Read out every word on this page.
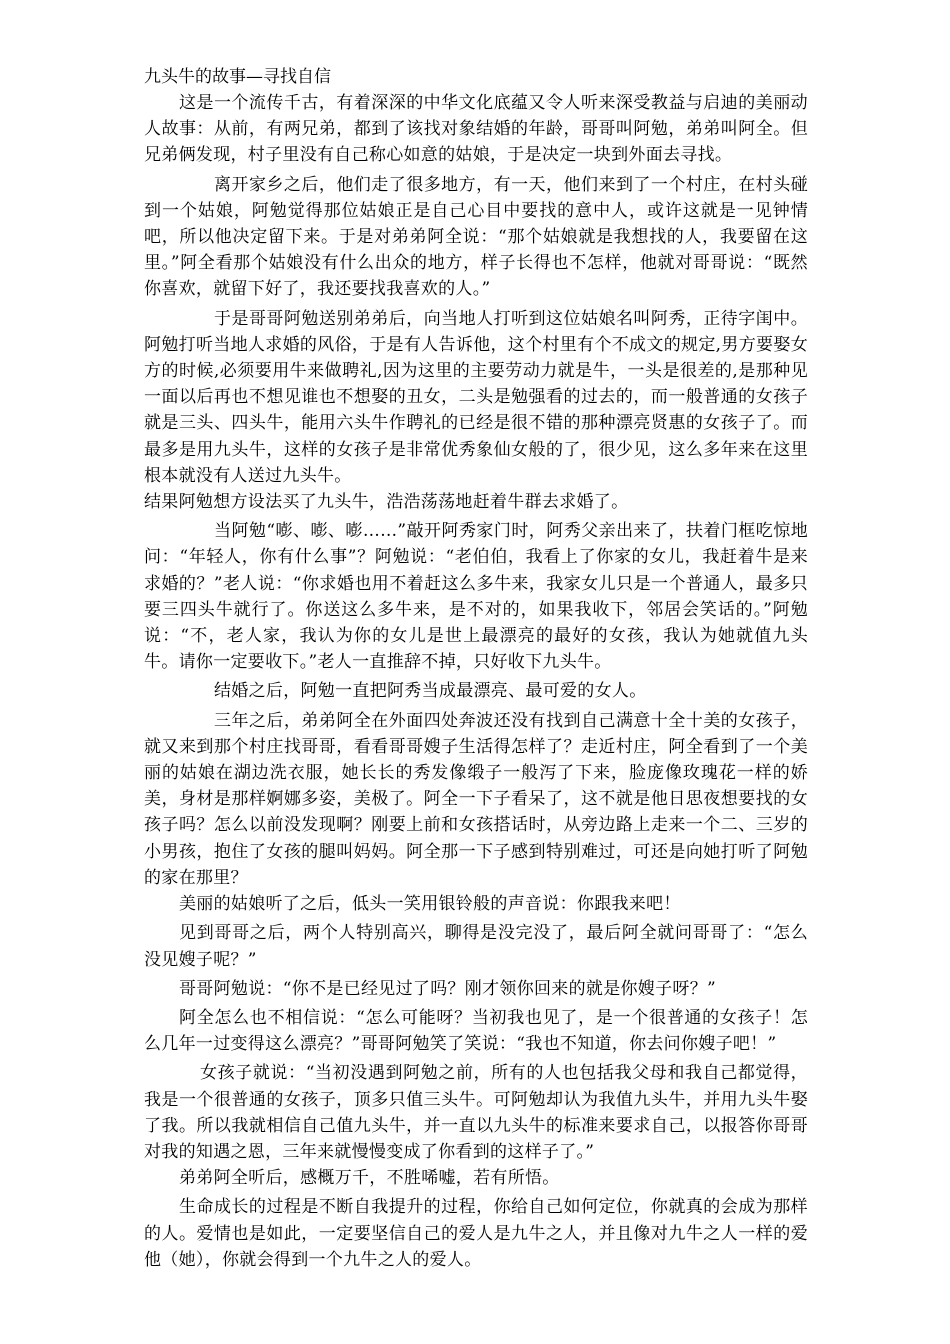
九头牛的故事—寻找自信

这是一个流传千古，有着深深的中华文化底蕴又令人听来深受教益与启迪的美丽动人故事：从前，有两兄弟，都到了该找对象结婚的年龄，哥哥叫阿勉，弟弟叫阿全。但兄弟俩发现，村子里没有自己称心如意的姑娘，于是决定一块到外面去寻找。

离开家乡之后，他们走了很多地方，有一天，他们来到了一个村庄，在村头碰到一个姑娘，阿勉觉得那位姑娘正是自己心目中要找的意中人，或许这就是一见钟情吧，所以他决定留下来。于是对弟弟阿全说：“那个姑娘就是我想找的人，我要留在这里。”阿全看那个姑娘没有什么出众的地方，样子长得也不怎样，他就对哥哥说：“既然你喜欢，就留下好了，我还要找我喜欢的人。”

于是哥哥阿勉送别弟弟后，向当地人打听到这位姑娘名叫阿秀，正待字闺中。阿勉打听当地人求婚的风俗，于是有人告诉他，这个村里有个不成文的规定,男方要娶女方的时候,必须要用牛来做聘礼,因为这里的主要劳动力就是牛，一头是很差的,是那种见一面以后再也不想见谁也不想娶的丑女，二头是勉强看的过去的，而一般普通的女孩子就是三头、四头牛，能用六头牛作聘礼的已经是很不错的那种漂亮贤惠的女孩子了。而最多是用九头牛，这样的女孩子是非常优秀象仙女般的了，很少见，这么多年来在这里根本就没有人送过九头牛。

结果阿勉想方设法买了九头牛，浩浩荡荡地赶着牛群去求婚了。

当阿勉“嘭、嘭、嘭……”敲开阿秀家门时，阿秀父亲出来了，扶着门框吃惊地问：“年轻人，你有什么事”？阿勉说：“老伯伯，我看上了你家的女儿，我赶着牛是来求婚的？”老人说：“你求婚也用不着赶这么多牛来，我家女儿只是一个普通人，最多只要三四头牛就行了。你送这么多牛来，是不对的，如果我收下，邻居会笑话的。”阿勉说：“不，老人家，我认为你的女儿是世上最漂亮的最好的女孩，我认为她就值九头牛。请你一定要收下。”老人一直推辞不掉，只好收下九头牛。

结婚之后，阿勉一直把阿秀当成最漂亮、最可爱的女人。

三年之后，弟弟阿全在外面四处奔波还没有找到自己满意十全十美的女孩子，就又来到那个村庄找哥哥，看看哥哥嫂子生活得怎样了？走近村庄，阿全看到了一个美丽的姑娘在湖边洗衣服，她长长的秀发像缎子一般泻了下来，脸庞像玫瑰花一样的娇美，身材是那样婀娜多姿，美极了。阿全一下子看呆了，这不就是他日思夜想要找的女孩子吗？怎么以前没发现啊？刚要上前和女孩搭话时，从旁边路上走来一个二、三岁的小男孩，抱住了女孩的腿叫妈妈。阿全那一下子感到特别难过，可还是向她打听了阿勉的家在那里？

美丽的姑娘听了之后，低头一笑用银铃般的声音说：你跟我来吧！

见到哥哥之后，两个人特别高兴，聊得是没完没了，最后阿全就问哥哥了：“怎么没见嫂子呢？”

哥哥阿勉说：“你不是已经见过了吗？刚才领你回来的就是你嫂子呀？”

阿全怎么也不相信说：“怎么可能呀？当初我也见了，是一个很普通的女孩子！怎么几年一过变得这么漂亮？”哥哥阿勉笑了笑说：“我也不知道，你去问你嫂子吧！”

女孩子就说：“当初没遇到阿勉之前，所有的人也包括我父母和我自己都觉得，我是一个很普通的女孩子，顶多只值三头牛。可阿勉却认为我值九头牛，并用九头牛娶了我。所以我就相信自己值九头牛，并一直以九头牛的标准来要求自己，以报答你哥哥对我的知遇之恩，三年来就慢慢变成了你看到的这样子了。”

弟弟阿全听后，感概万千，不胜唏嘘，若有所悟。

生命成长的过程是不断自我提升的过程，你给自己如何定位，你就真的会成为那样的人。爱情也是如此，一定要坚信自己的爱人是九牛之人，并且像对九牛之人一样的爱他（她），你就会得到一个九牛之人的爱人。
